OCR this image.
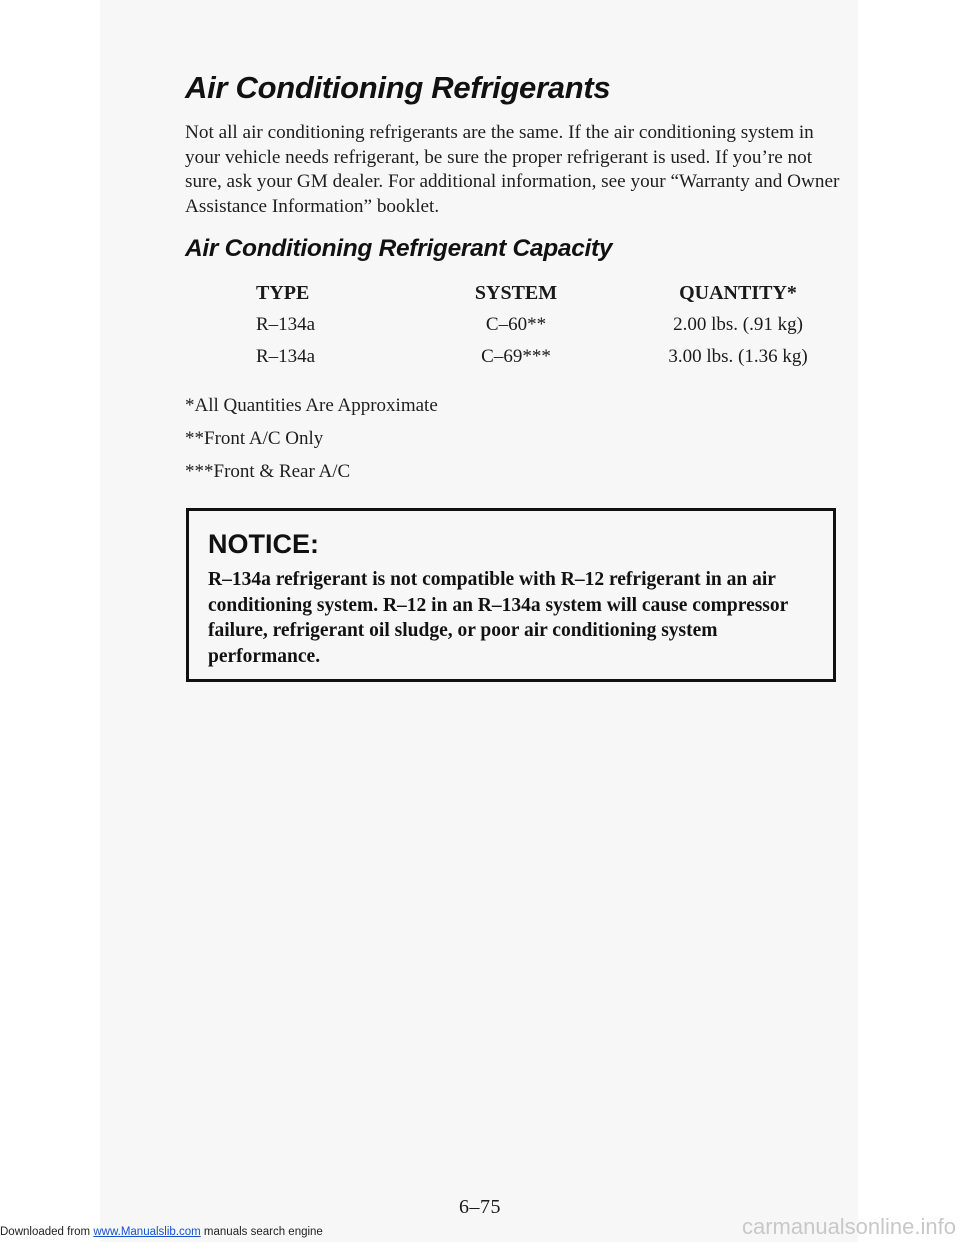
Air Conditioning Refrigerants
Not all air conditioning refrigerants are the same. If the air conditioning system in your vehicle needs refrigerant, be sure the proper refrigerant is used. If you’re not sure, ask your GM dealer. For additional information, see your “Warranty and Owner Assistance Information” booklet.
Air Conditioning Refrigerant Capacity
TYPE	SYSTEM	QUANTITY*
R–134a	C–60**	2.00 lbs. (.91 kg)
R–134a	C–69***	3.00 lbs. (1.36 kg)
*All Quantities Are Approximate
**Front A/C Only
***Front & Rear A/C
NOTICE:
R–134a refrigerant is not compatible with R–12 refrigerant in an air conditioning system. R–12 in an R–134a system will cause compressor failure, refrigerant oil sludge, or poor air conditioning system performance.
6–75
Downloaded from www.Manualslib.com manuals search engine	carmanualsonline.info
